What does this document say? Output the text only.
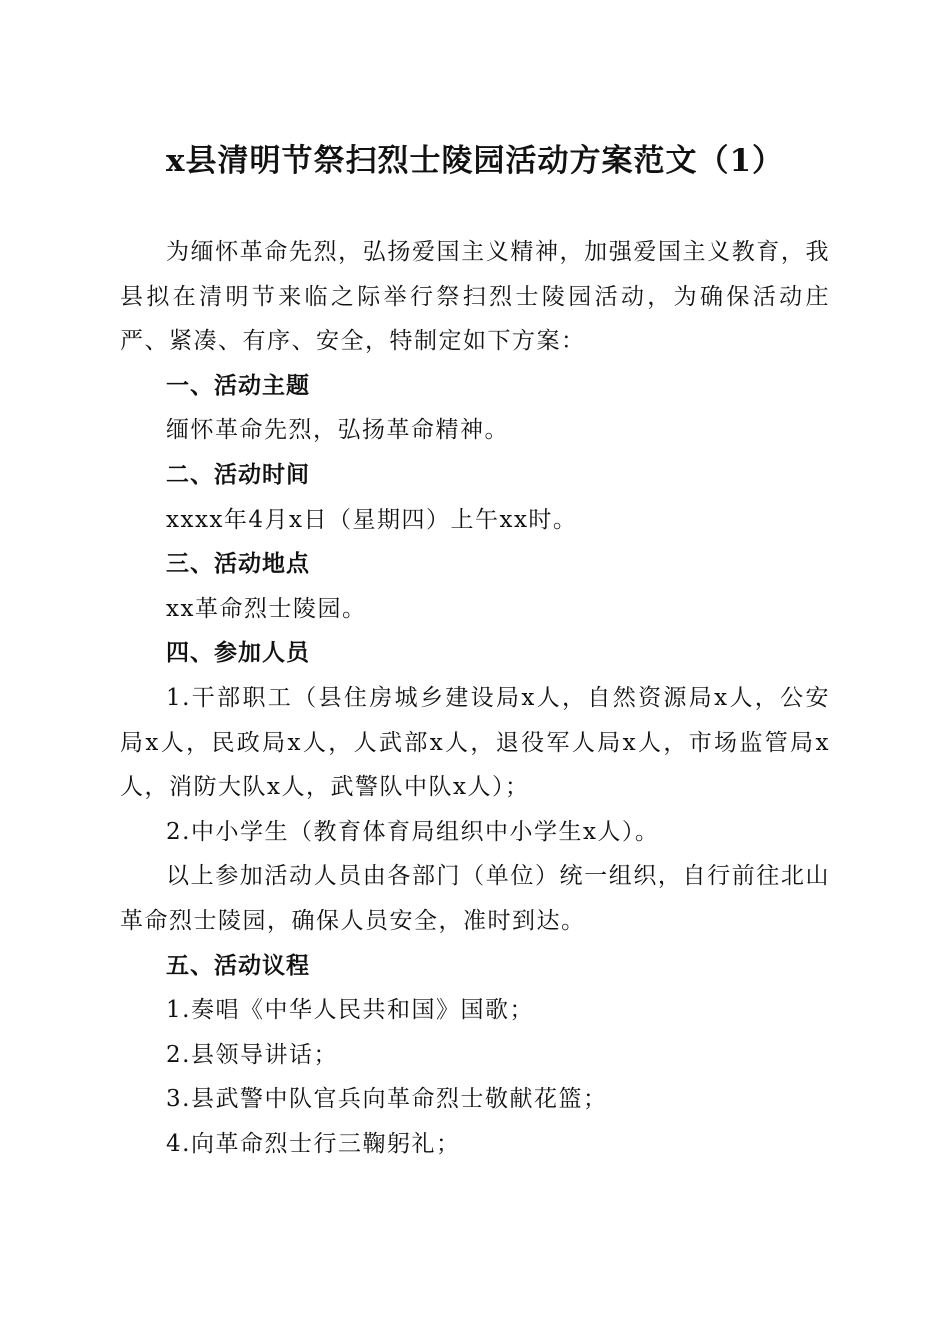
x县清明节祭扫烈士陵园活动方案范文（1）

为缅怀革命先烈，弘扬爱国主义精神，加强爱国主义教育，我县拟在清明节来临之际举行祭扫烈士陵园活动，为确保活动庄严、紧凑、有序、安全，特制定如下方案：

一、活动主题

缅怀革命先烈，弘扬革命精神。

二、活动时间

xxxx年4月x日（星期四）上午xx时。

三、活动地点

xx革命烈士陵园。

四、参加人员

1.干部职工（县住房城乡建设局x人，自然资源局x人，公安局x人，民政局x人，人武部x人，退役军人局x人，市场监管局x人，消防大队x人，武警队中队x人）；

2.中小学生（教育体育局组织中小学生x人）。

以上参加活动人员由各部门（单位）统一组织，自行前往北山革命烈士陵园，确保人员安全，准时到达。

五、活动议程

1.奏唱《中华人民共和国》国歌；

2.县领导讲话；

3.县武警中队官兵向革命烈士敬献花篮；

4.向革命烈士行三鞠躬礼；
